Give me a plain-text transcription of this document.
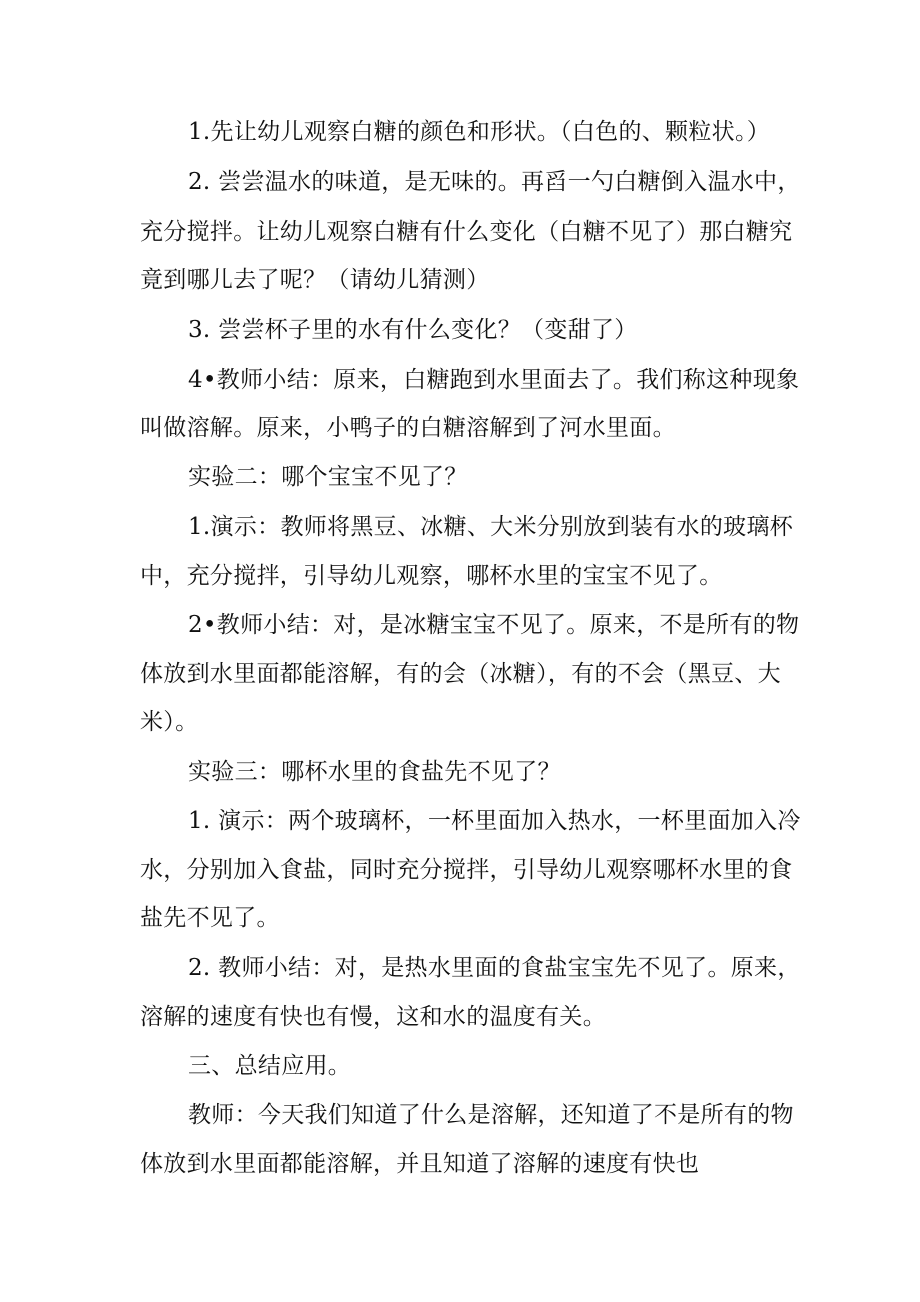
1.先让幼儿观察白糖的颜色和形状。（白色的、颗粒状。）
2. 尝尝温水的味道，是无味的。再舀一勺白糖倒入温水中，
充分搅拌。让幼儿观察白糖有什么变化（白糖不见了）那白糖究
竟到哪儿去了呢？（请幼儿猜测）
3. 尝尝杯子里的水有什么变化？（变甜了）
4•教师小结：原来，白糖跑到水里面去了。我们称这种现象
叫做溶解。原来，小鸭子的白糖溶解到了河水里面。
实验二：哪个宝宝不见了？
1.演示：教师将黑豆、冰糖、大米分别放到装有水的玻璃杯
中，充分搅拌，引导幼儿观察，哪杯水里的宝宝不见了。
2•教师小结：对，是冰糖宝宝不见了。原来，不是所有的物
体放到水里面都能溶解，有的会（冰糖），有的不会（黑豆、大
米）。
实验三：哪杯水里的食盐先不见了？
1. 演示：两个玻璃杯，一杯里面加入热水，一杯里面加入冷
水，分别加入食盐，同时充分搅拌，引导幼儿观察哪杯水里的食
盐先不见了。
2. 教师小结：对，是热水里面的食盐宝宝先不见了。原来，
溶解的速度有快也有慢，这和水的温度有关。
三、总结应用。
教师：今天我们知道了什么是溶解，还知道了不是所有的物
体放到水里面都能溶解，并且知道了溶解的速度有快也
